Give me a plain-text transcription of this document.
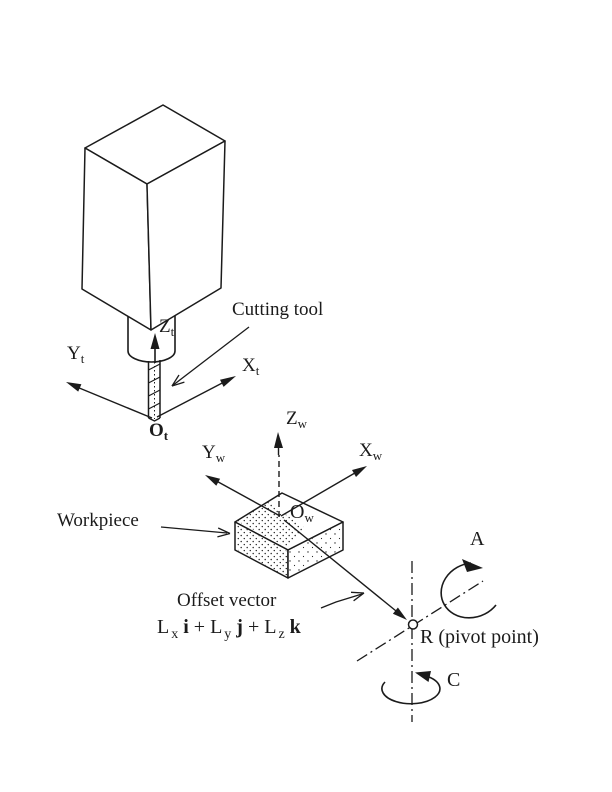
Cutting tool
$Z_t$
$Y_t$	$X_t$
$O_t$
$Z_w$
$Y_w$	$X_w$
$O_w$
Workpiece
Offset vector
L $_x$ i + L $_y$ j + L $_z$ k
A
R (pivot point)
C
